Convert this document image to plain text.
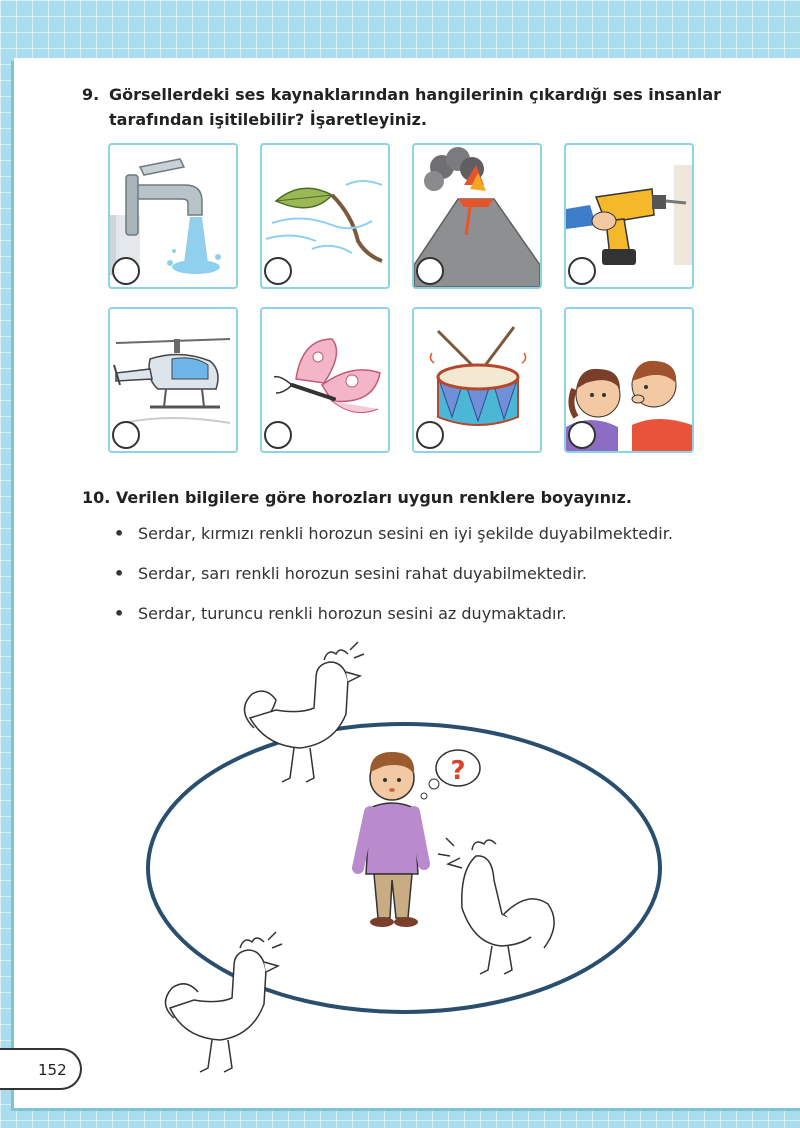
9. Görsellerdeki ses kaynaklarından hangilerinin çıkardığı ses insanlar tarafından işitilebilir? İşaretleyiniz.
10. Verilen bilgilere göre horozları uygun renklere boyayınız.
• Serdar, kırmızı renkli horozun sesini en iyi şekilde duyabilmektedir.
• Serdar, sarı renkli horozun sesini rahat duyabilmektedir.
• Serdar, turuncu renkli horozun sesini az duymaktadır.
?
152
